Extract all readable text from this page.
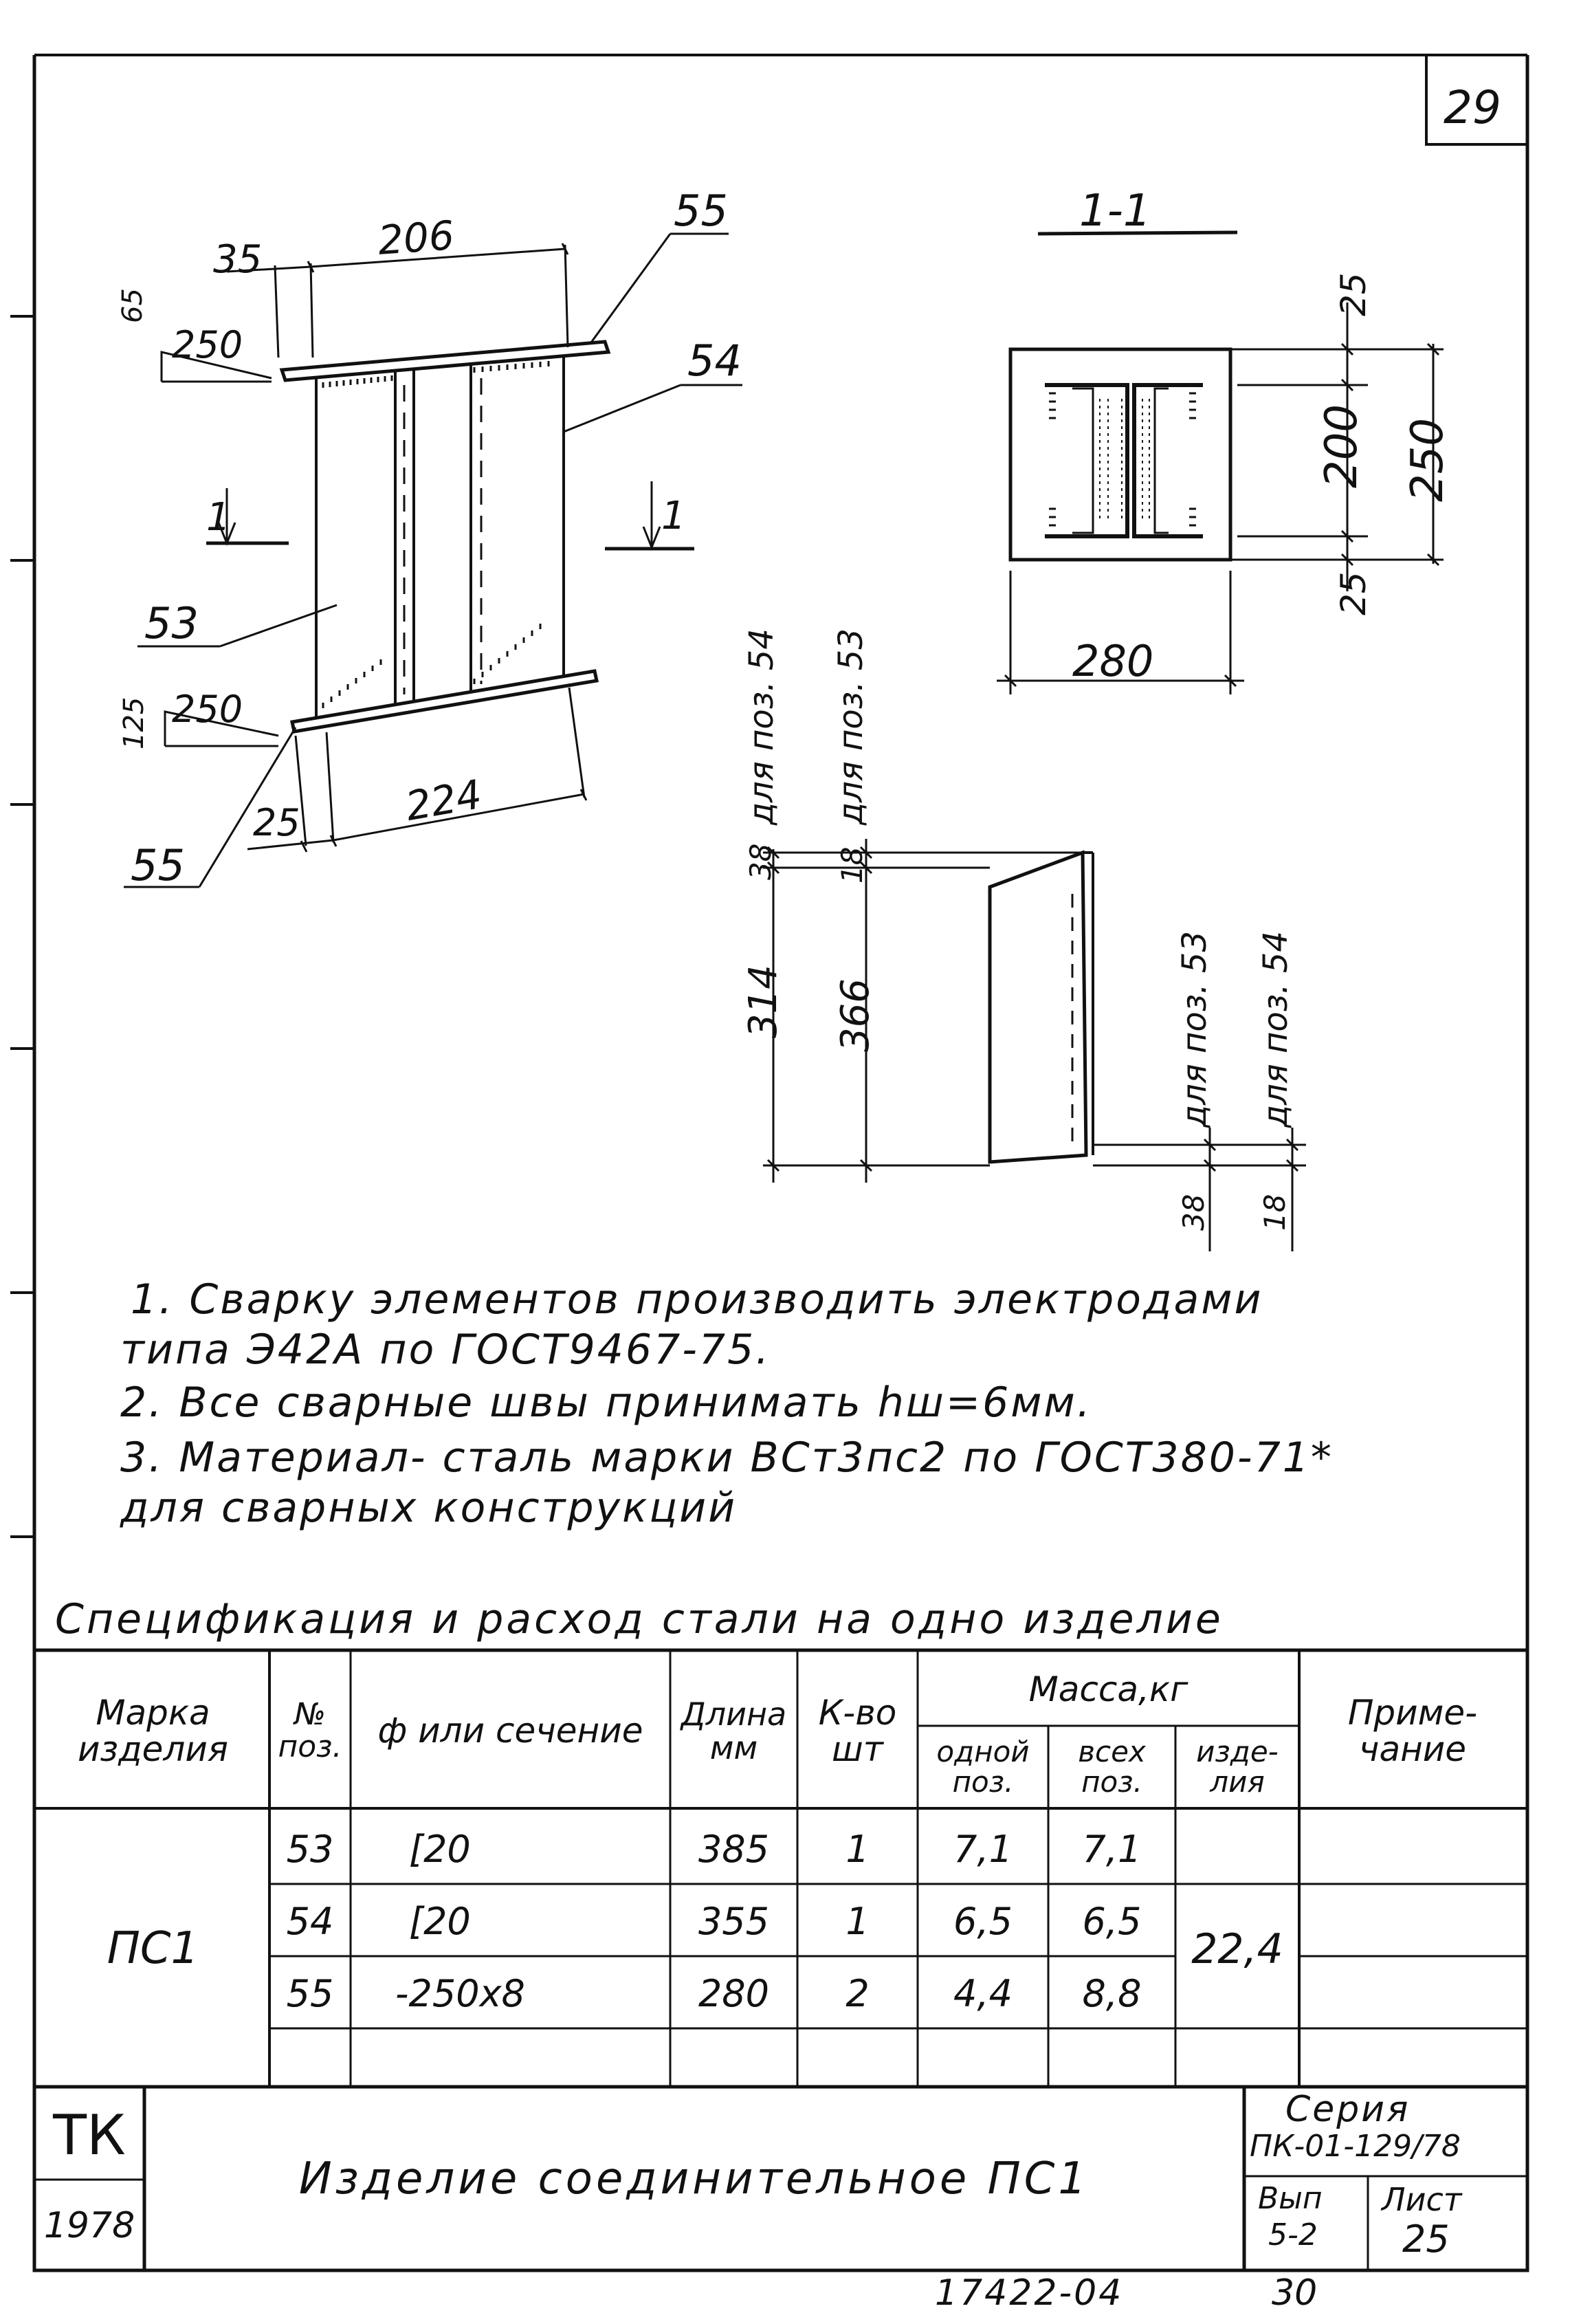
29
35	206
55
54
53
55
65
250
125 250
25	224
1	1
1-1
25
200 250
25
280
для поз. 54 для поз. 53
38 18
314 366	для поз. 53 для поз. 54
38 18
1. Сварку элементов производить электродами
типа Э42А по ГОСТ9467-75.
2. Все сварные швы принимать hш=6мм.
3. Материал- сталь марки ВСт3пс2 по ГОСТ380-71*
для сварных конструкций
Спецификация и расход стали на одно изделие
Марка изделия
№ поз.	ф или сечение	Длина мм
К-во шт
Масса,кг
одной поз.
всех поз.
изде- лия
Приме- чание
ПС1	22,4
53	[20	385	1	7,1	7,1
54	[20	355	1	6,5	6,5
55	-250x8	280	2	4,4	8,8
ТК
1978
Изделие соединительное ПС1
Серия
ПК-01-129/78
Вып
5-2
Лист
25
17422-04	30
